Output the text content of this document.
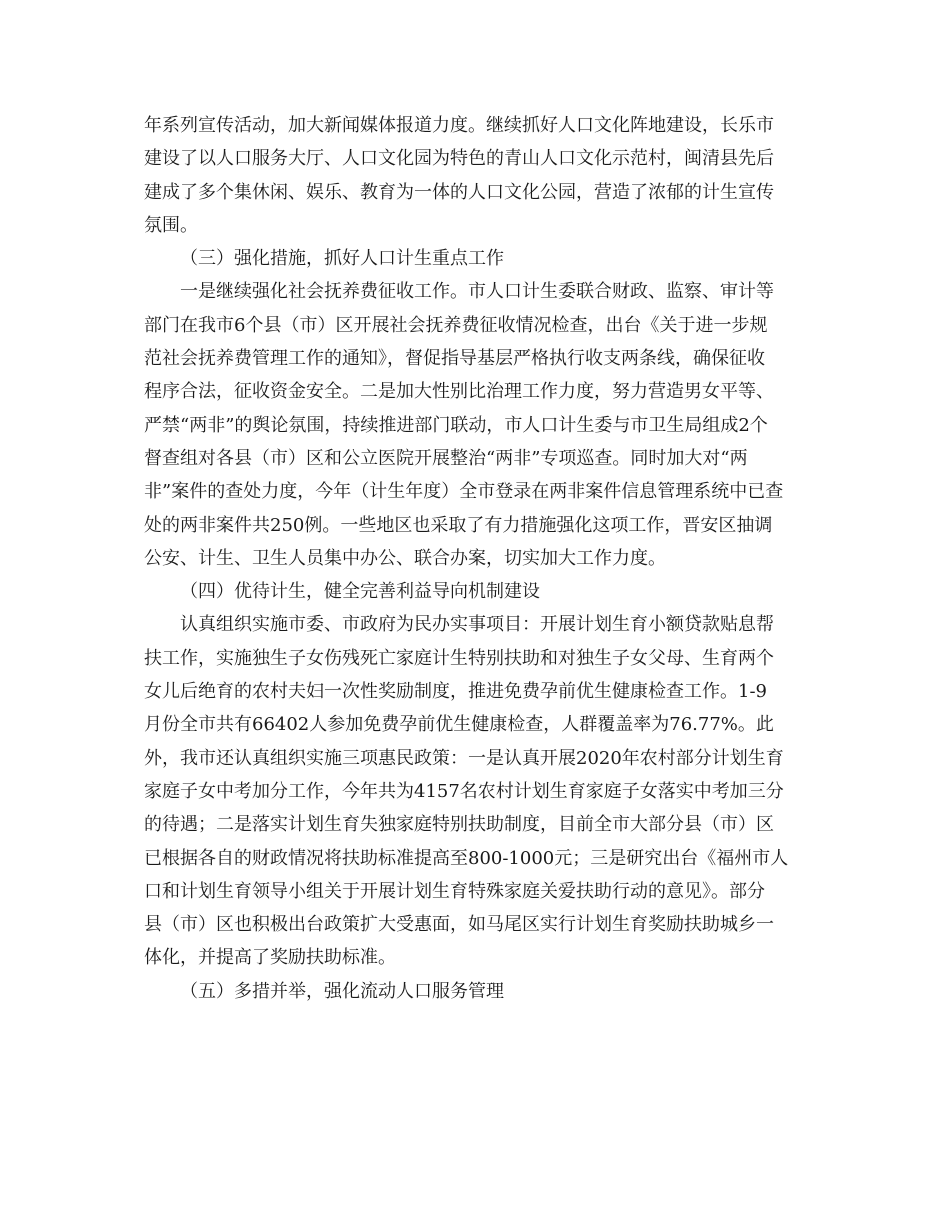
年系列宣传活动，加大新闻媒体报道力度。继续抓好人口文化阵地建设，长乐市
建设了以人口服务大厅、人口文化园为特色的青山人口文化示范村，闽清县先后
建成了多个集休闲、娱乐、教育为一体的人口文化公园，营造了浓郁的计生宣传
氛围。
（三）强化措施，抓好人口计生重点工作
一是继续强化社会抚养费征收工作。市人口计生委联合财政、监察、审计等
部门在我市6个县（市）区开展社会抚养费征收情况检查，出台《关于进一步规
范社会抚养费管理工作的通知》，督促指导基层严格执行收支两条线，确保征收
程序合法，征收资金安全。二是加大性别比治理工作力度，努力营造男女平等、
严禁“两非”的舆论氛围，持续推进部门联动，市人口计生委与市卫生局组成2个
督查组对各县（市）区和公立医院开展整治“两非”专项巡查。同时加大对“两
非”案件的查处力度，今年（计生年度）全市登录在两非案件信息管理系统中已查
处的两非案件共250例。一些地区也采取了有力措施强化这项工作，晋安区抽调
公安、计生、卫生人员集中办公、联合办案，切实加大工作力度。
（四）优待计生，健全完善利益导向机制建设
认真组织实施市委、市政府为民办实事项目：开展计划生育小额贷款贴息帮
扶工作，实施独生子女伤残死亡家庭计生特别扶助和对独生子女父母、生育两个
女儿后绝育的农村夫妇一次性奖励制度，推进免费孕前优生健康检查工作。1-9
月份全市共有66402人参加免费孕前优生健康检查，人群覆盖率为76.77%。此
外，我市还认真组织实施三项惠民政策：一是认真开展2020年农村部分计划生育
家庭子女中考加分工作，今年共为4157名农村计划生育家庭子女落实中考加三分
的待遇；二是落实计划生育失独家庭特别扶助制度，目前全市大部分县（市）区
已根据各自的财政情况将扶助标准提高至800-1000元；三是研究出台《福州市人
口和计划生育领导小组关于开展计划生育特殊家庭关爱扶助行动的意见》。部分
县（市）区也积极出台政策扩大受惠面，如马尾区实行计划生育奖励扶助城乡一
体化，并提高了奖励扶助标准。
（五）多措并举，强化流动人口服务管理
